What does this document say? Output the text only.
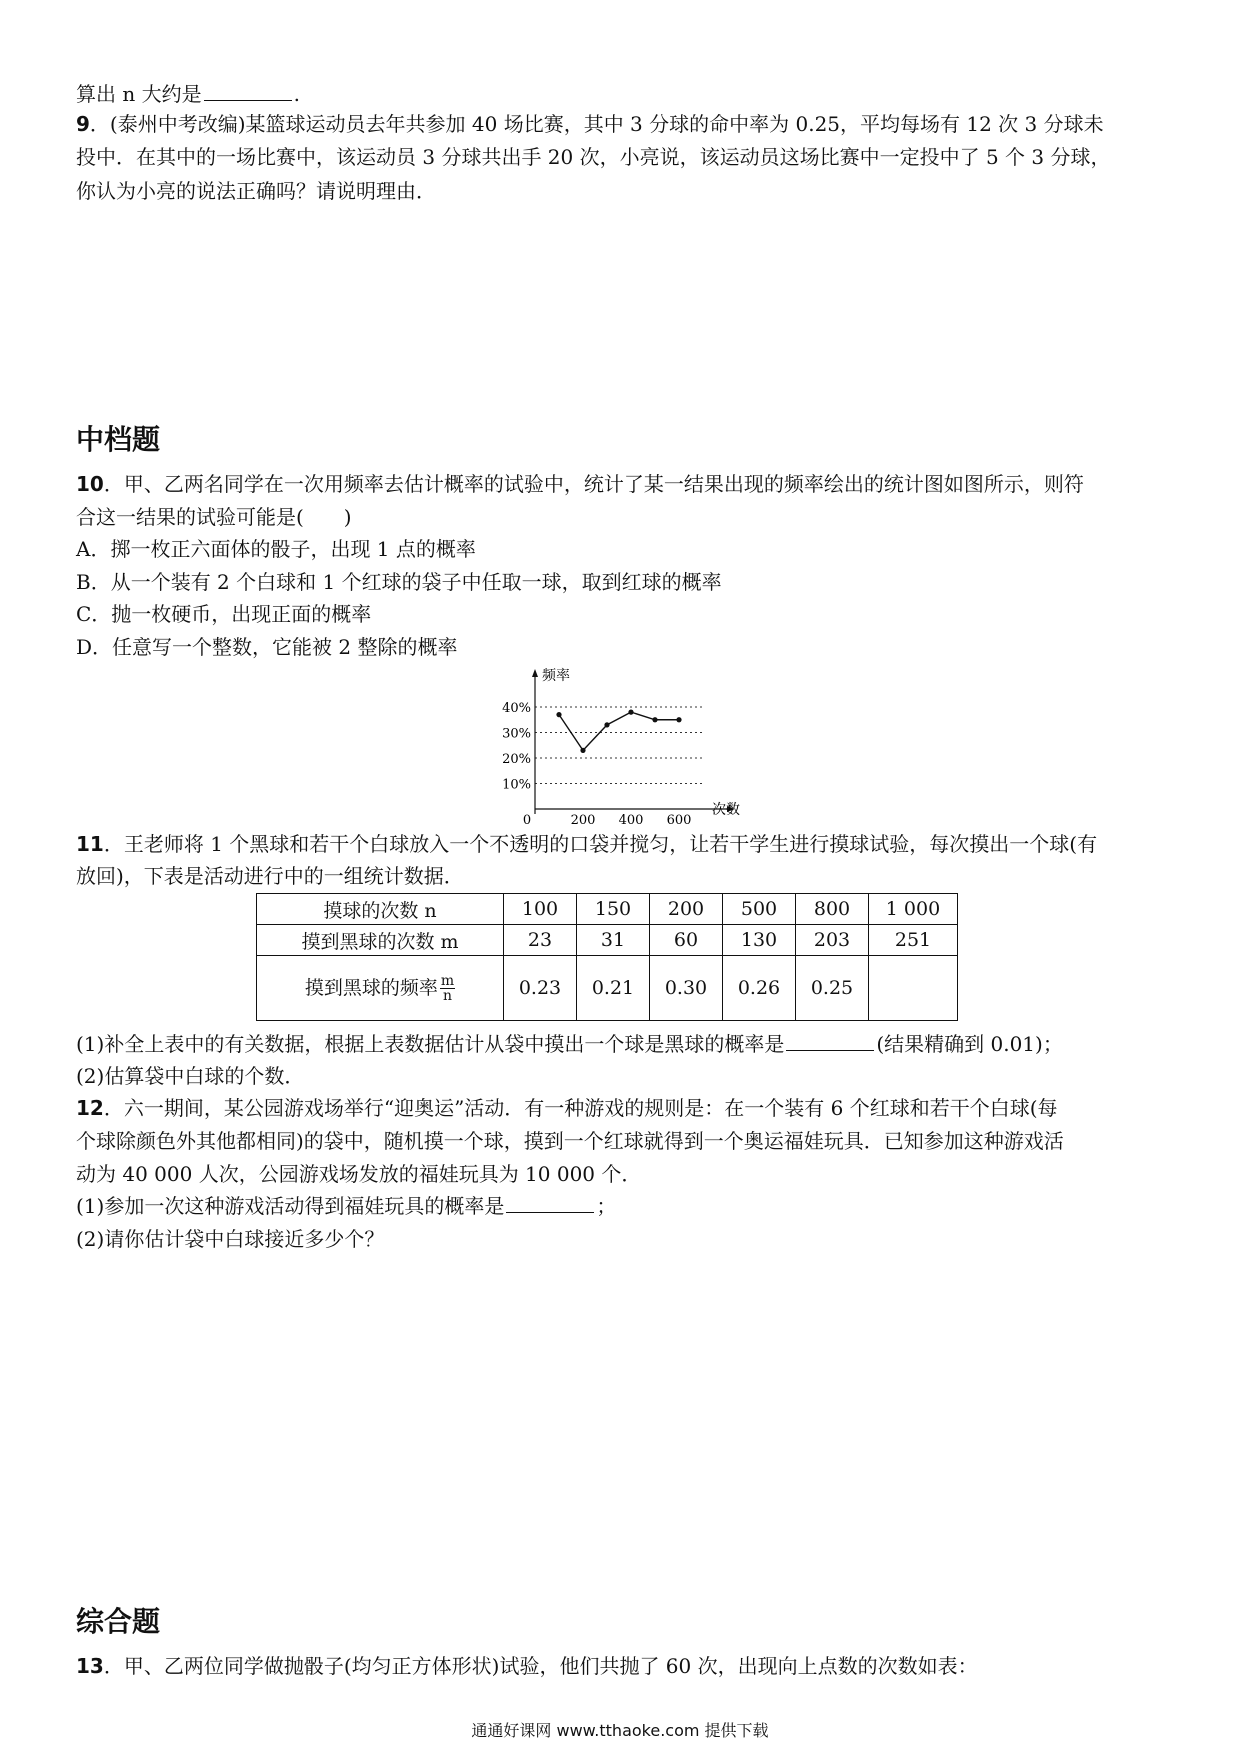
算出 n 大约是	.
9．(泰州中考改编)某篮球运动员去年共参加 40 场比赛，其中 3 分球的命中率为 0.25，平均每场有 12 次 3 分球未
投中．在其中的一场比赛中，该运动员 3 分球共出手 20 次，小亮说，该运动员这场比赛中一定投中了 5 个 3 分球，
你认为小亮的说法正确吗？请说明理由．
中档题
10．甲、乙两名同学在一次用频率去估计概率的试验中，统计了某一结果出现的频率绘出的统计图如图所示，则符
合这一结果的试验可能是(　　)
A．掷一枚正六面体的骰子，出现 1 点的概率
B．从一个装有 2 个白球和 1 个红球的袋子中任取一球，取到红球的概率
C．抛一枚硬币，出现正面的概率
D．任意写一个整数，它能被 2 整除的概率
频率
次数
10%
20%
30%
40%
0	200 400 600
11．王老师将 1 个黑球和若干个白球放入一个不透明的口袋并搅匀，让若干学生进行摸球试验，每次摸出一个球(有
放回)，下表是活动进行中的一组统计数据．
摸球的次数 n	100	150	200	500	800	1 000
摸到黑球的次数 m	23	31	60	130	203	251
摸到黑球的频率 $\frac{m}{n}$	0.23	0.21	0.30	0.26	0.25	
(1)补全上表中的有关数据，根据上表数据估计从袋中摸出一个球是黑球的概率是	(结果精确到 0.01)；
(2)估算袋中白球的个数．
12．六一期间，某公园游戏场举行“迎奥运”活动．有一种游戏的规则是：在一个装有 6 个红球和若干个白球(每
个球除颜色外其他都相同)的袋中，随机摸一个球，摸到一个红球就得到一个奥运福娃玩具．已知参加这种游戏活
动为 40 000 人次，公园游戏场发放的福娃玩具为 10 000 个．
(1)参加一次这种游戏活动得到福娃玩具的概率是	；
(2)请你估计袋中白球接近多少个？
综合题
13．甲、乙两位同学做抛骰子(均匀正方体形状)试验，他们共抛了 60 次，出现向上点数的次数如表：
通通好课网 www.tthaoke.com 提供下载
